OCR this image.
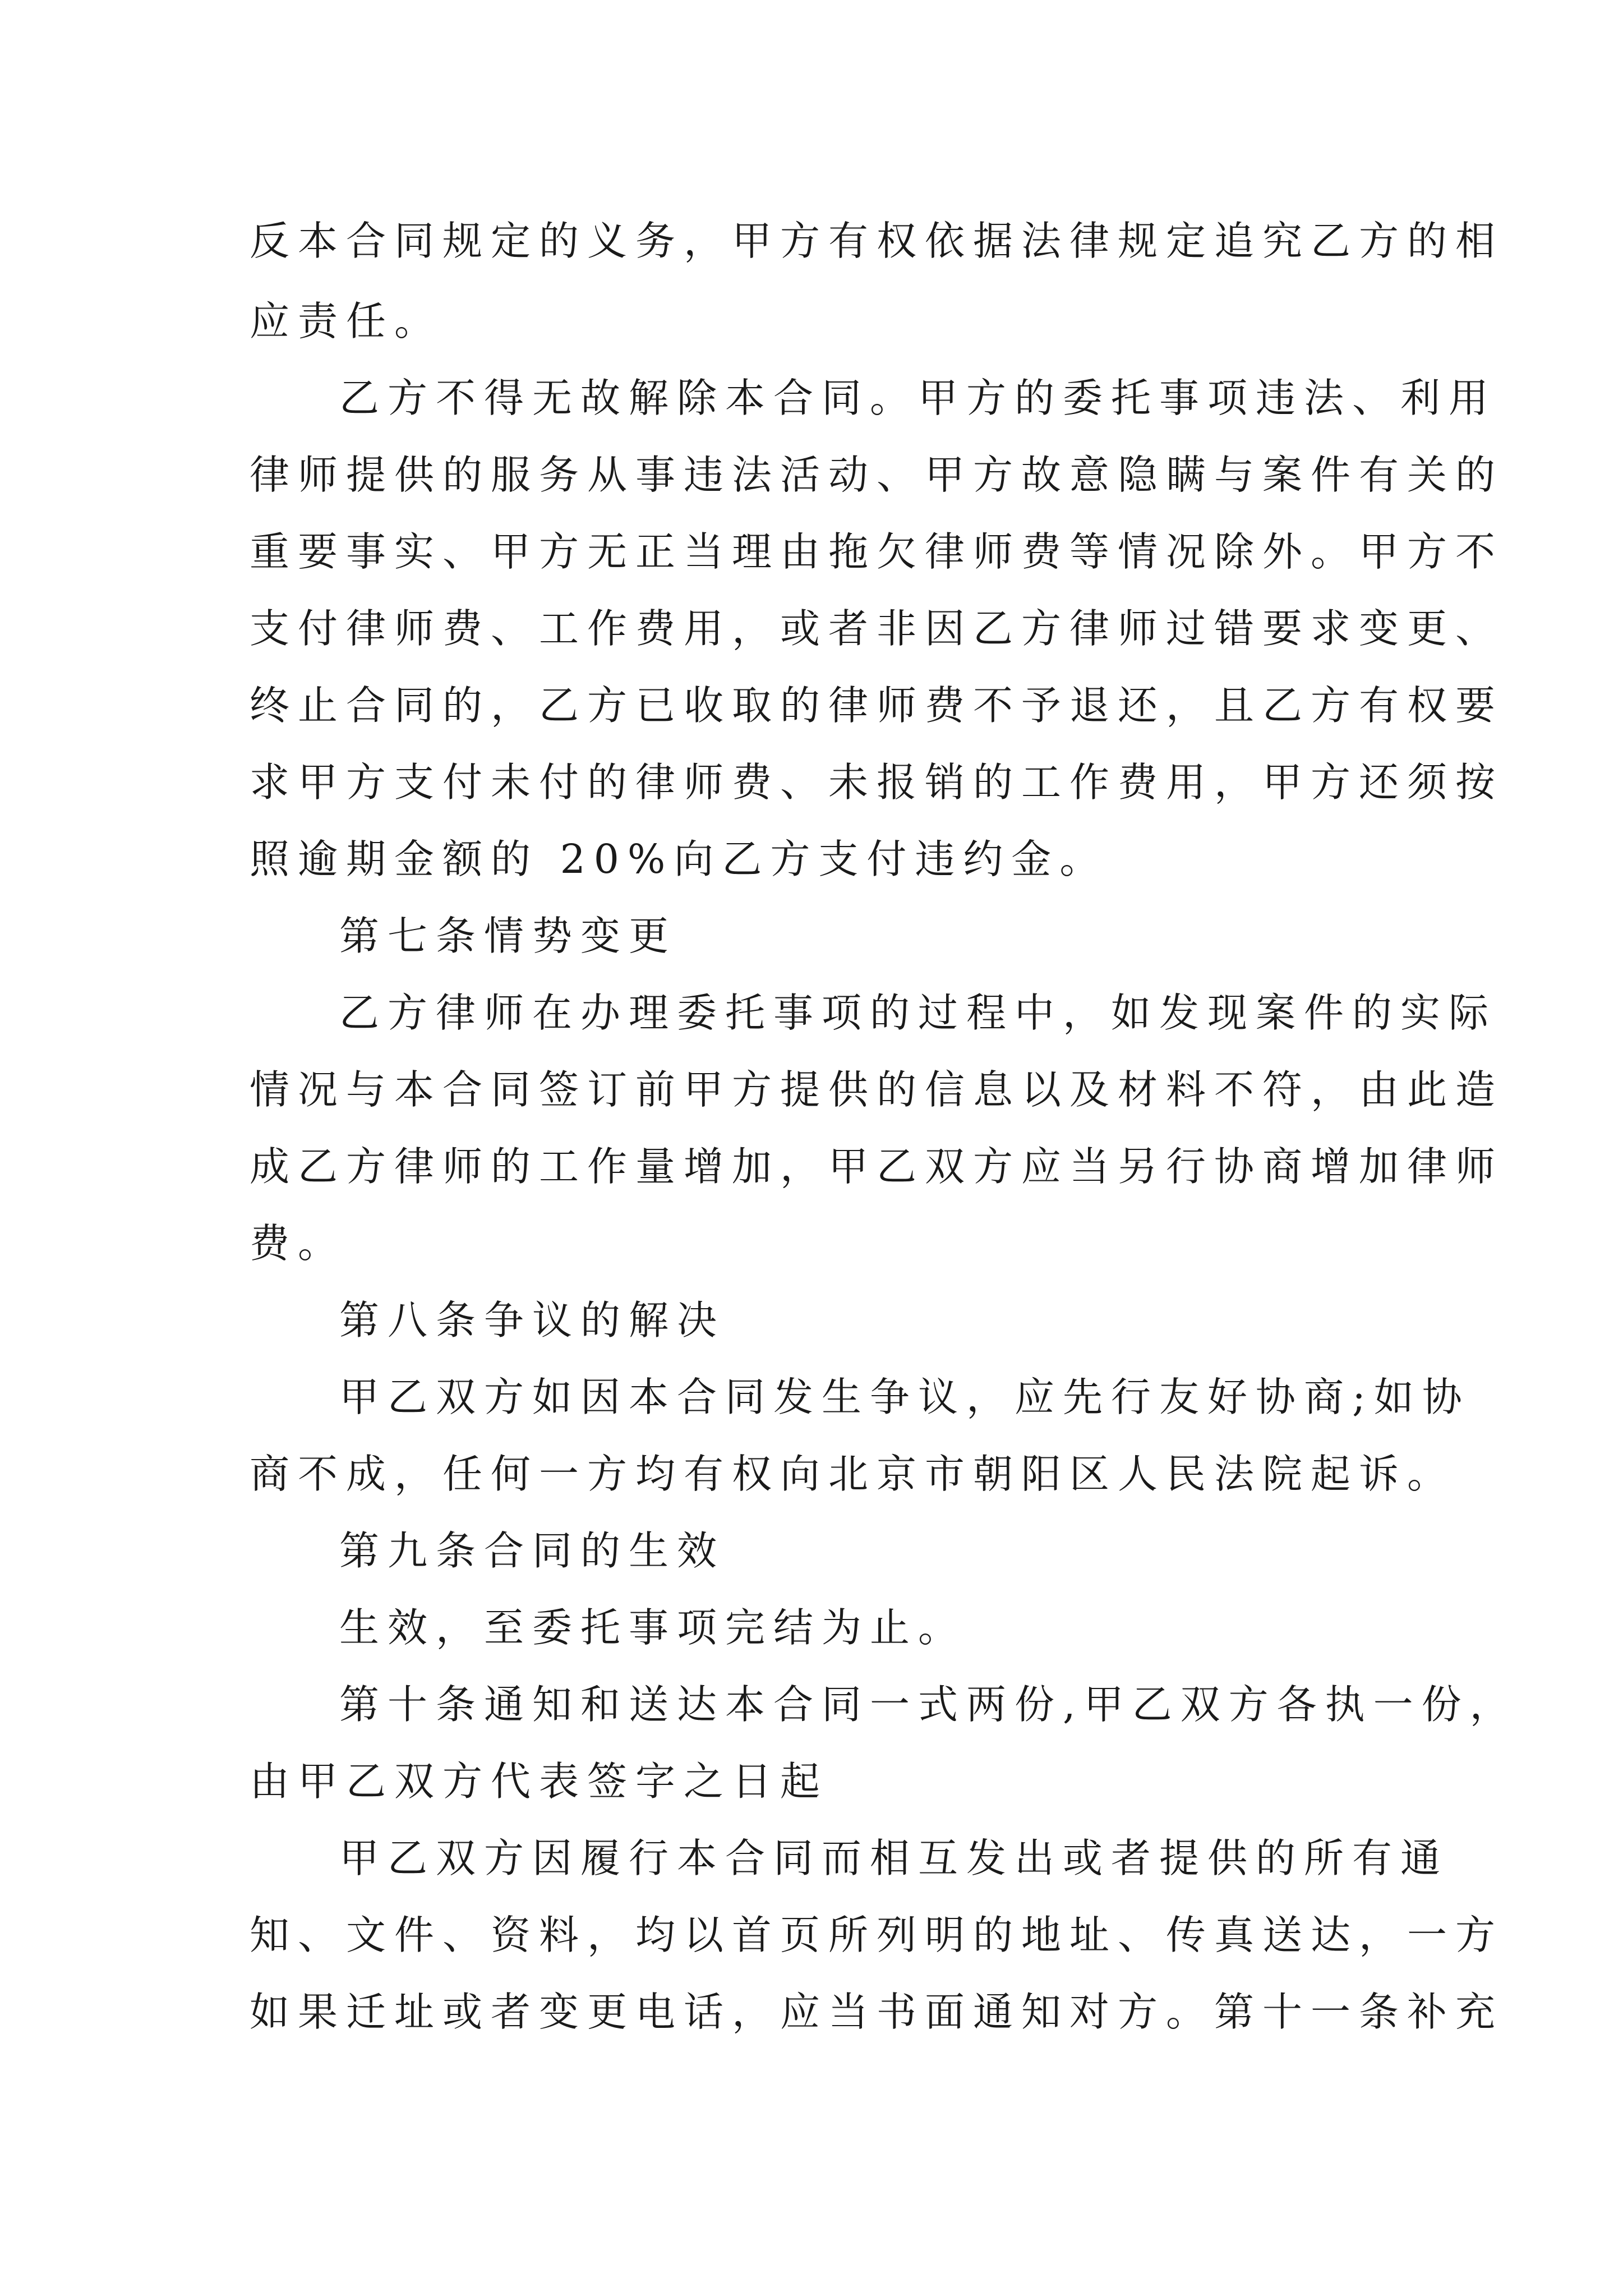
反本合同规定的义务，甲方有权依据法律规定追究乙方的相
应责任。
乙方不得无故解除本合同。甲方的委托事项违法、利用
律师提供的服务从事违法活动、甲方故意隐瞒与案件有关的
重要事实、甲方无正当理由拖欠律师费等情况除外。甲方不
支付律师费、工作费用，或者非因乙方律师过错要求变更、
终止合同的，乙方已收取的律师费不予退还，且乙方有权要
求甲方支付未付的律师费、未报销的工作费用，甲方还须按
照逾期金额的 20%向乙方支付违约金。
第七条情势变更
乙方律师在办理委托事项的过程中，如发现案件的实际
情况与本合同签订前甲方提供的信息以及材料不符，由此造
成乙方律师的工作量增加，甲乙双方应当另行协商增加律师
费。
第八条争议的解决
甲乙双方如因本合同发生争议，应先行友好协商;如协
商不成，任何一方均有权向北京市朝阳区人民法院起诉。
第九条合同的生效
生效，至委托事项完结为止。
第十条通知和送达本合同一式两份,甲乙双方各执一份，
由甲乙双方代表签字之日起
甲乙双方因履行本合同而相互发出或者提供的所有通
知、文件、资料，均以首页所列明的地址、传真送达，一方
如果迁址或者变更电话，应当书面通知对方。第十一条补充
